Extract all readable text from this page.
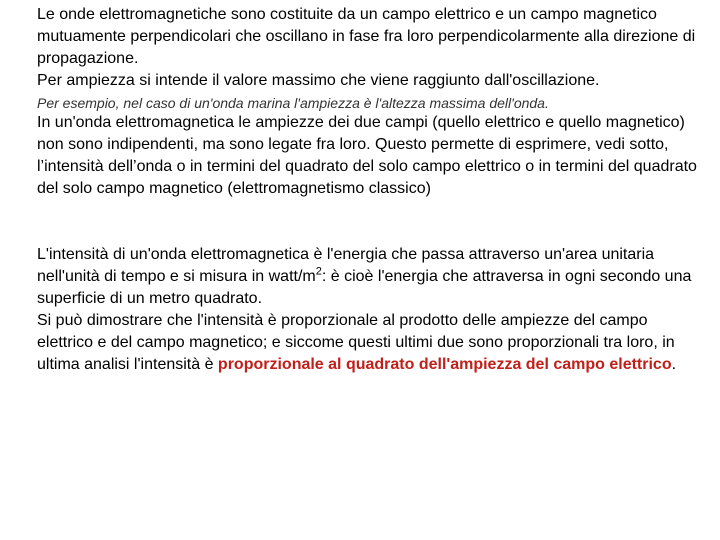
Le onde elettromagnetiche sono costituite da un campo elettrico e un campo magnetico mutuamente perpendicolari che oscillano in fase fra loro perpendicolarmente alla direzione di propagazione.

Per ampiezza si intende il valore massimo che viene raggiunto dall'oscillazione.

Per esempio, nel caso di un'onda marina l'ampiezza è l'altezza massima dell'onda.

In un'onda elettromagnetica le ampiezze dei due campi (quello elettrico e quello magnetico) non sono indipendenti, ma sono legate fra loro. Questo permette di esprimere, vedi sotto, l’intensità dell’onda o in termini del quadrato del solo campo elettrico o in termini del quadrato del solo campo magnetico (elettromagnetismo classico)

L'intensità di un'onda elettromagnetica è l'energia che passa attraverso un'area unitaria nell'unità di tempo e si misura in watt/$m^2$: è cioè l'energia che attraversa in ogni secondo una superficie di un metro quadrato.

Si può dimostrare che l'intensità è proporzionale al prodotto delle ampiezze del campo elettrico e del campo magnetico; e siccome questi ultimi due sono proporzionali tra loro, in ultima analisi l'intensità è proporzionale al quadrato dell'ampiezza del campo elettrico.
